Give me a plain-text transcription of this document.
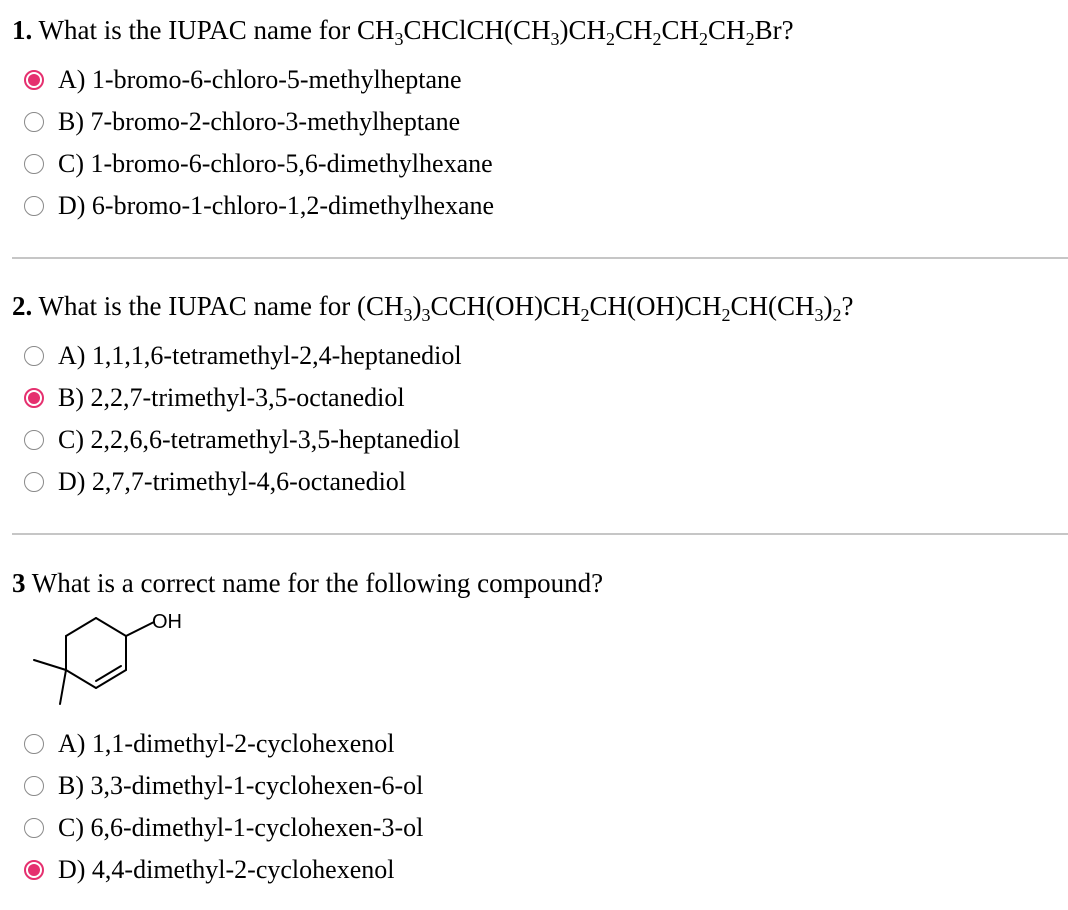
1. What is the IUPAC name for $CH_3CHClCH(CH_3)CH_2CH_2CH_2CH_2Br$?
A) 1-bromo-6-chloro-5-methylheptane
B) 7-bromo-2-chloro-3-methylheptane
C) 1-bromo-6-chloro-5,6-dimethylhexane
D) 6-bromo-1-chloro-1,2-dimethylhexane
2. What is the IUPAC name for $(CH_3)_3CCH(OH)CH_2CH(OH)CH_2CH(CH_3)_2$?
A) 1,1,1,6-tetramethyl-2,4-heptanediol
B) 2,2,7-trimethyl-3,5-octanediol
C) 2,2,6,6-tetramethyl-3,5-heptanediol
D) 2,7,7-trimethyl-4,6-octanediol
3 What is a correct name for the following compound?
OH
A) 1,1-dimethyl-2-cyclohexenol
B) 3,3-dimethyl-1-cyclohexen-6-ol
C) 6,6-dimethyl-1-cyclohexen-3-ol
D) 4,4-dimethyl-2-cyclohexenol
